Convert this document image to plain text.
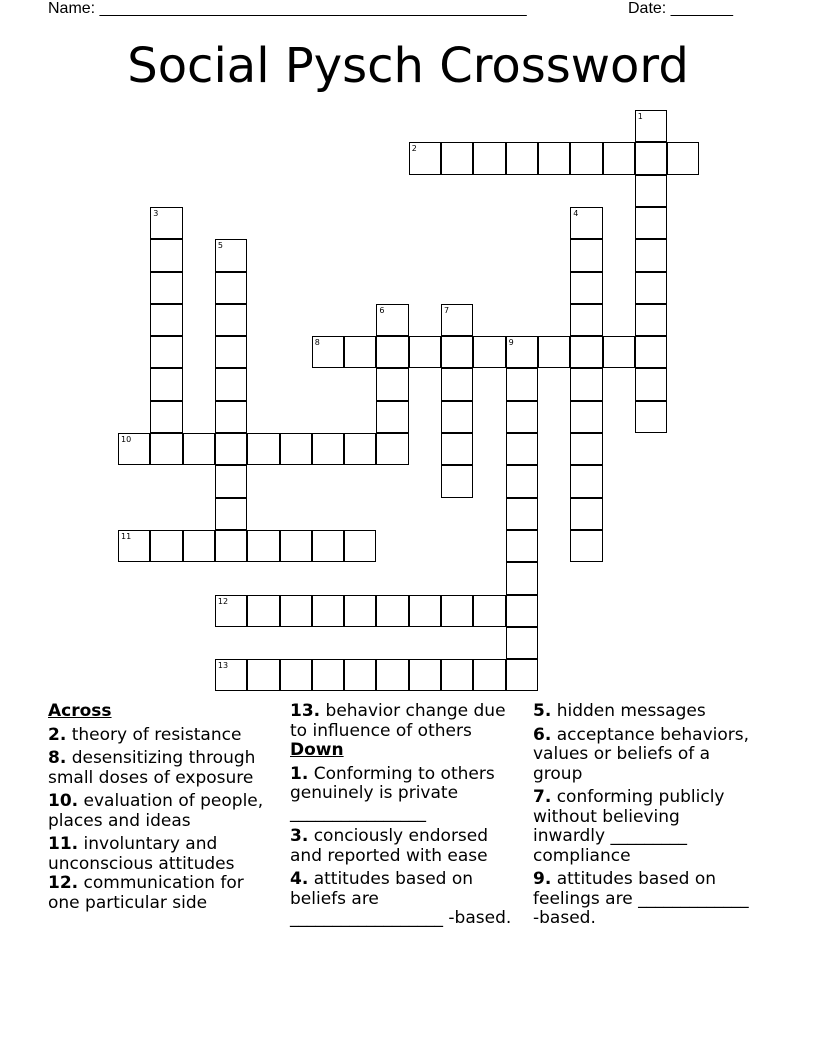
Name: ________________________________________________	Date: _______
Social Pysch Crossword
2
10
11
12
13
8	9
1
3	4
5
6	7
Across
2. theory of resistance
8. desensitizing through small doses of exposure
10. evaluation of people, places and ideas
11. involuntary and unconscious attitudes
12. communication for one particular side
13. behavior change due to influence of others
Down
1. Conforming to others genuinely is private ________________
3. conciously endorsed and reported with ease
4. attitudes based on beliefs are __________________ -based.
5. hidden messages
6. acceptance behaviors, values or beliefs of a group
7. conforming publicly without believing inwardly _________ compliance
9. attitudes based on feelings are _____________ -based.
